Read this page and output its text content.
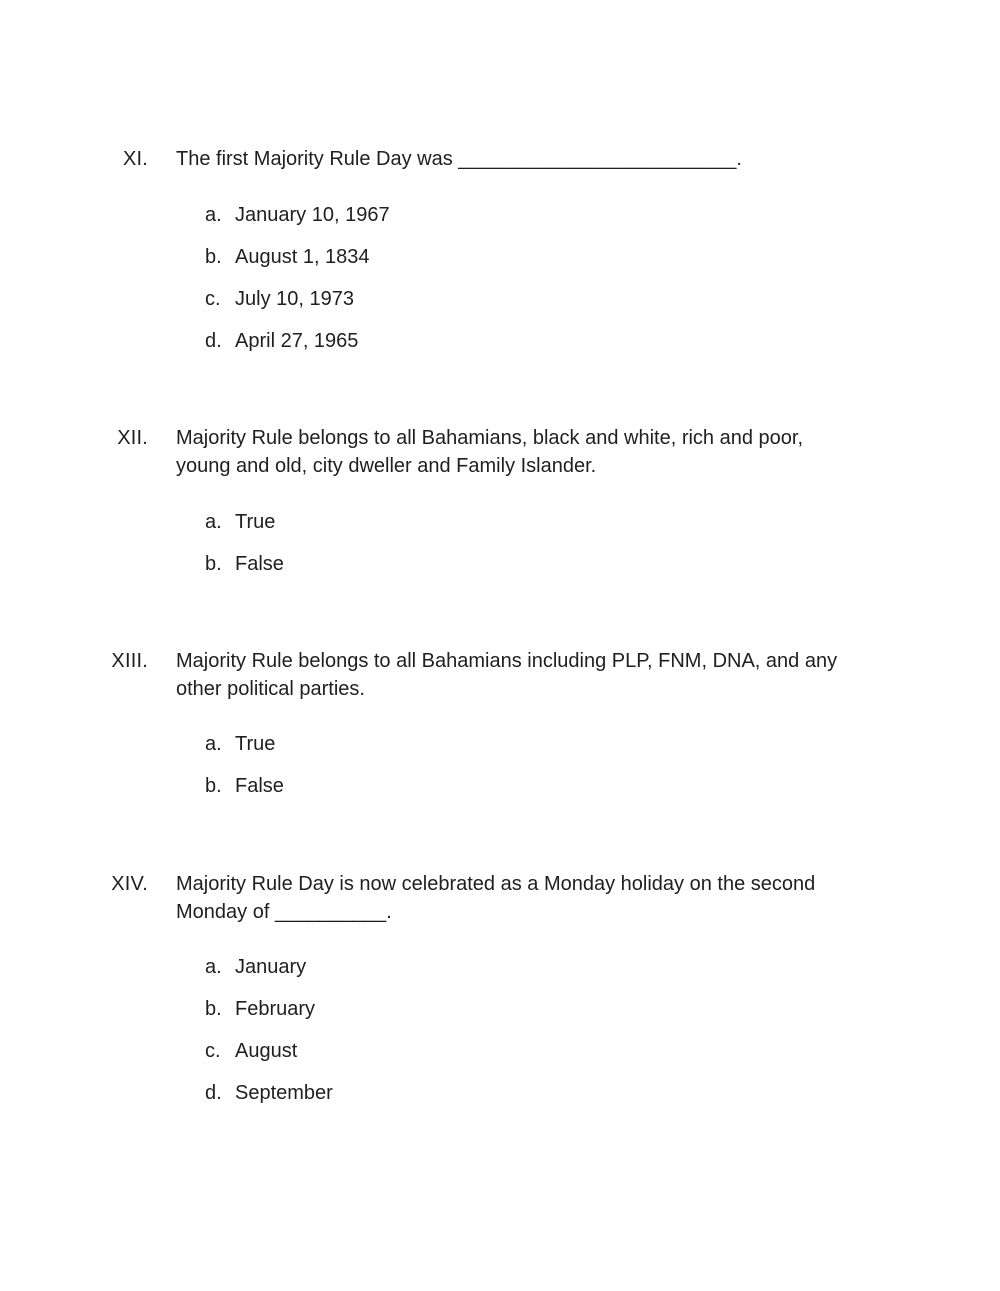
XI. The first Majority Rule Day was _________________________.
a. January 10, 1967
b. August 1, 1834
c. July 10, 1973
d. April 27, 1965
XII. Majority Rule belongs to all Bahamians, black and white, rich and poor,
young and old, city dweller and Family Islander.
a. True
b. False
XIII. Majority Rule belongs to all Bahamians including PLP, FNM, DNA, and any
other political parties.
a. True
b. False
XIV. Majority Rule Day is now celebrated as a Monday holiday on the second
Monday of __________.
a. January
b. February
c. August
d. September
